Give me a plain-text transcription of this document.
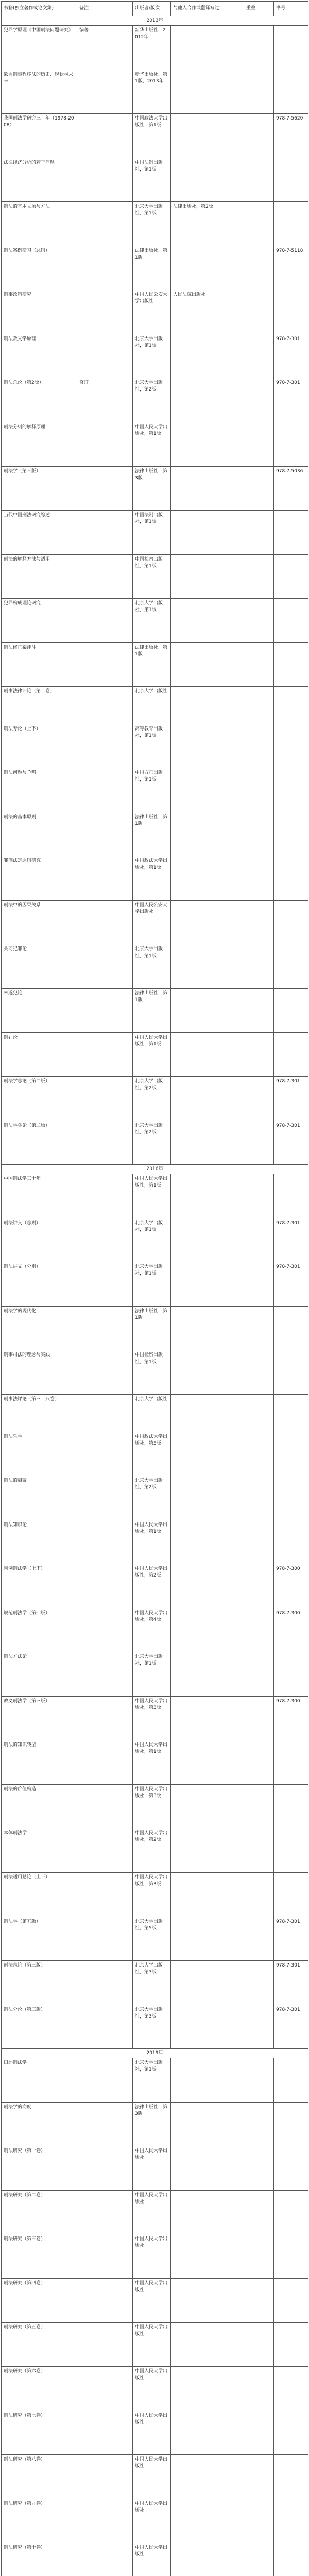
书籍(独立著作或论文集)	备注	出版者/版次	与他人合作或翻译写过	重叠	书号
2013年					
犯罪学原理《中国刑法问题研究》	编著	新华出版社，2012年			
欧盟刑事程序法的历史、现状与未来		新华出版社，第1版，2013年			
我国刑法学研究三十年（1978-2008）		中国政法大学出版社，第1版			978-7-5620
法律经济分析的若干问题		中国法制出版社，第1版			
刑法的基本立场与方法		北京大学出版社，第1版	法律出版社，第2版		
刑法案例研习（总则）		法律出版社，第1版			978-7-5118
刑事政策研究		中国人民公安大学出版社	人民法院出版社		
刑法教义学原理		北京大学出版社，第1版			978-7-301
刑法总论（第2版）	修订	北京大学出版社，第2版			978-7-301
刑法分则的解释原理		中国人民大学出版社，第1版			
刑法学（第三版）		法律出版社，第3版			978-7-5036
当代中国刑法研究综述		中国法制出版社，第1版			
刑法的解释方法与适用		中国检察出版社，第1版			
犯罪构成理论研究		北京大学出版社，第1版			
刑法修正案评注		法律出版社，第1版			
刑事法律评论（第十卷）		北京大学出版社			
刑法专论（上下）		高等教育出版社，第1版			
刑法问题与争鸣		中国方正出版社，第1版			
刑法的基本原则		法律出版社，第1版			
罪刑法定原则研究		中国政法大学出版社，第1版			
刑法中的因果关系		中国人民公安大学出版社			
共同犯罪论		北京大学出版社，第1版			
未遂犯论		法律出版社，第1版			
刑罚论		中国人民大学出版社，第1版			
刑法学总论（第二版）		北京大学出版社，第2版			978-7-301
刑法学各论（第二版）		北京大学出版社，第2版			978-7-301
2016年					
中国刑法学三十年		中国人民大学出版社，第1版			
刑法讲义（总则）		北京大学出版社，第1版			978-7-301
刑法讲义（分则）		北京大学出版社，第1版			978-7-301
刑法学的现代化		法律出版社，第1版			
刑事司法的理念与实践		中国检察出版社，第1版			
刑事法评论（第三十八卷）		北京大学出版社			
刑法哲学		中国政法大学出版社，第5版			
刑法的启蒙		北京大学出版社，第2版			
刑法知识论		中国人民大学出版社，第1版			
判例刑法学（上下）		中国人民大学出版社，第2版			978-7-300
规范刑法学（第四版）		中国人民大学出版社，第4版			978-7-300
刑法方法论		北京大学出版社，第1版			
教义刑法学（第三版）		中国人民大学出版社，第3版			978-7-300
刑法的知识转型		中国人民大学出版社，第1版			
刑法的价值构造		中国人民大学出版社，第3版			
本体刑法学		中国人民大学出版社，第2版			
刑法适用总论（上下）		中国人民大学出版社，第3版			
刑法学（第五版）		北京大学出版社，第5版			978-7-301
刑法总论（第三版）		北京大学出版社，第3版			978-7-301
刑法分论（第三版）		北京大学出版社，第3版			978-7-301
2019年					
口述刑法学		北京大学出版社，第1版			
刑法学的向度		法律出版社，第3版			
刑法研究（第一卷）		中国人民大学出版社			
刑法研究（第二卷）		中国人民大学出版社			
刑法研究（第三卷）		中国人民大学出版社			
刑法研究（第四卷）		中国人民大学出版社			
刑法研究（第五卷）		中国人民大学出版社			
刑法研究（第六卷）		中国人民大学出版社			
刑法研究（第七卷）		中国人民大学出版社			
刑法研究（第八卷）		中国人民大学出版社			
刑法研究（第九卷）		中国人民大学出版社			
刑法研究（第十卷）		中国人民大学出版社			
